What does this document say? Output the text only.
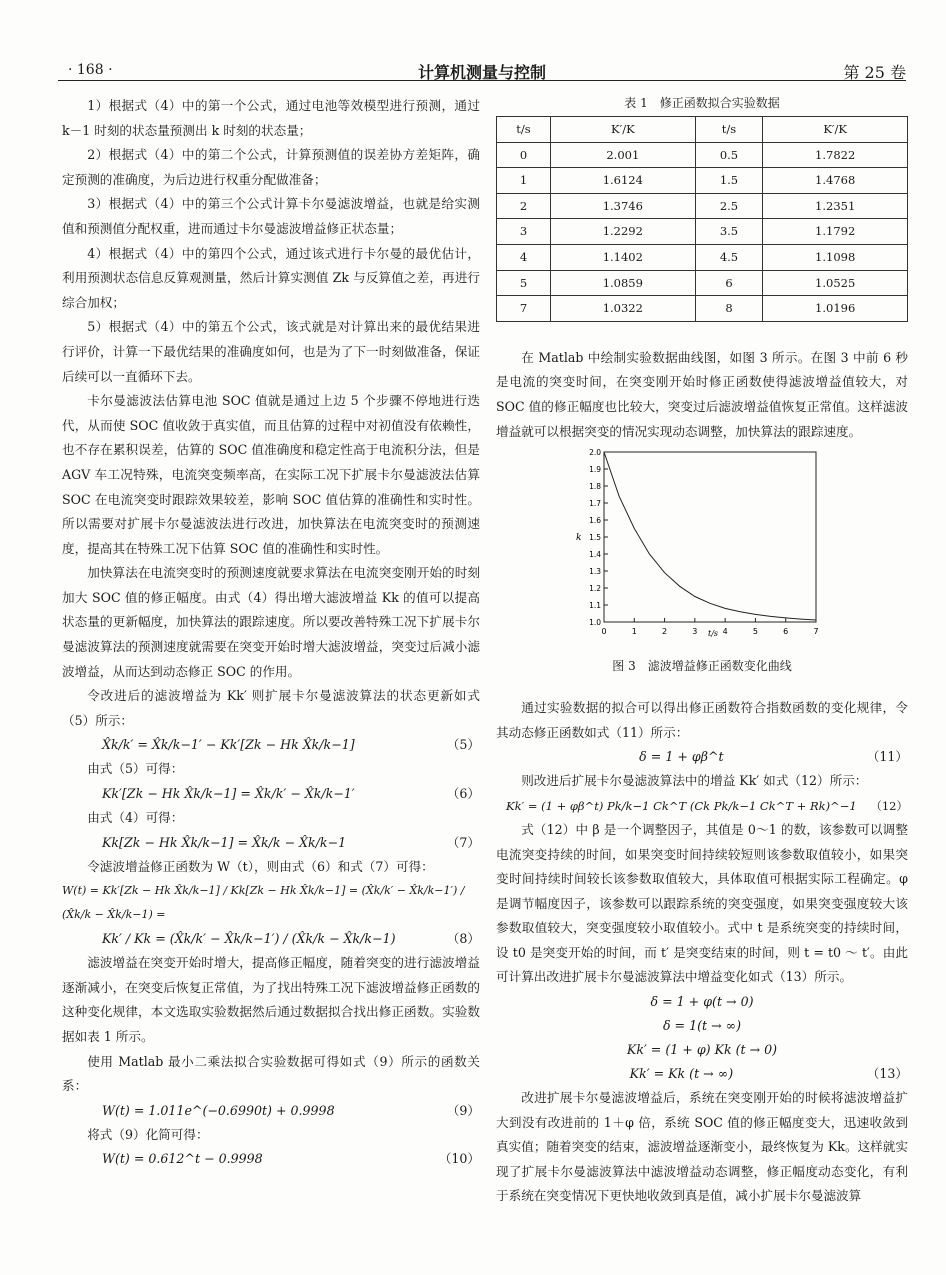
· 168 ·	计算机测量与控制	第 25 卷

1）根据式（4）中的第一个公式，通过电池等效模型进行预测，通过 k－1 时刻的状态量预测出 k 时刻的状态量；

2）根据式（4）中的第二个公式，计算预测值的误差协方差矩阵，确定预测的准确度，为后边进行权重分配做准备；

3）根据式（4）中的第三个公式计算卡尔曼滤波增益，也就是给实测值和预测值分配权重，进而通过卡尔曼滤波增益修正状态量；

4）根据式（4）中的第四个公式，通过该式进行卡尔曼的最优估计，利用预测状态信息反算观测量，然后计算实测值 Zk 与反算值之差，再进行综合加权；

5）根据式（4）中的第五个公式，该式就是对计算出来的最优结果进行评价，计算一下最优结果的准确度如何，也是为了下一时刻做准备，保证后续可以一直循环下去。

卡尔曼滤波法估算电池 SOC 值就是通过上边 5 个步骤不停地进行迭代，从而使 SOC 值收敛于真实值，而且估算的过程中对初值没有依赖性，也不存在累积误差，估算的 SOC 值准确度和稳定性高于电流积分法，但是 AGV 车工况特殊，电流突变频率高，在实际工况下扩展卡尔曼滤波法估算 SOC 在电流突变时跟踪效果较差，影响 SOC 值估算的准确性和实时性。所以需要对扩展卡尔曼滤波法进行改进，加快算法在电流突变时的预测速度，提高其在特殊工况下估算 SOC 值的准确性和实时性。

加快算法在电流突变时的预测速度就要求算法在电流突变刚开始的时刻加大 SOC 值的修正幅度。由式（4）得出增大滤波增益 Kk 的值可以提高状态量的更新幅度，加快算法的跟踪速度。所以要改善特殊工况下扩展卡尔曼滤波算法的预测速度就需要在突变开始时增大滤波增益，突变过后减小滤波增益，从而达到动态修正 SOC 的作用。

令改进后的滤波增益为 Kk′ 则扩展卡尔曼滤波算法的状态更新如式（5）所示：

X̂k/k′ = X̂k/k−1′ − Kk′[Zk − Hk X̂k/k−1]	（5）

由式（5）可得：

Kk′[Zk − Hk X̂k/k−1] = X̂k/k′ − X̂k/k−1′	（6）

由式（4）可得：

Kk[Zk − Hk X̂k/k−1] = X̂k/k − X̂k/k−1	（7）

令滤波增益修正函数为 W（t），则由式（6）和式（7）可得：

W(t) = Kk′[Zk − Hk X̂k/k−1] / Kk[Zk − Hk X̂k/k−1] = (X̂k/k′ − X̂k/k−1′) / (X̂k/k − X̂k/k−1) =
Kk′ / Kk = (X̂k/k′ − X̂k/k−1′) / (X̂k/k − X̂k/k−1)	（8）

滤波增益在突变开始时增大，提高修正幅度，随着突变的进行滤波增益逐渐减小，在突变后恢复正常值，为了找出特殊工况下滤波增益修正函数的这种变化规律，本文选取实验数据然后通过数据拟合找出修正函数。实验数据如表 1 所示。

使用 Matlab 最小二乘法拟合实验数据可得如式（9）所示的函数关系：

W(t) = 1.011e^(−0.6990t) + 0.9998	（9）

将式（9）化简可得：

W(t) = 0.612^t − 0.9998	（10）
表 1　修正函数拟合实验数据
t/s	K′/K	t/s	K′/K
0	2.001	0.5	1.7822
1	1.6124	1.5	1.4768
2	1.3746	2.5	1.2351
3	1.2292	3.5	1.1792
4	1.1402	4.5	1.1098
5	1.0859	6	1.0525
7	1.0322	8	1.0196

在 Matlab 中绘制实验数据曲线图，如图 3 所示。在图 3 中前 6 秒是电流的突变时间，在突变刚开始时修正函数使得滤波增益值较大，对 SOC 值的修正幅度也比较大，突变过后滤波增益值恢复正常值。这样滤波增益就可以根据突变的情况实现动态调整，加快算法的跟踪速度。

0	1	2	3	4	5	6	7
1.0
1.1
1.2
1.3
1.4
1.5
1.6
1.7
1.8
1.9
2.0
t/s
k
图 3　滤波增益修正函数变化曲线

通过实验数据的拟合可以得出修正函数符合指数函数的变化规律，令其动态修正函数如式（11）所示：

δ = 1 + φβ^t	（11）

则改进后扩展卡尔曼滤波算法中的增益 Kk′ 如式（12）所示：

Kk′ = (1 + φβ^t) Pk/k−1 Ck^T (Ck Pk/k−1 Ck^T + Rk)^−1 （12）

式（12）中 β 是一个调整因子，其值是 0～1 的数，该参数可以调整电流突变持续的时间，如果突变时间持续较短则该参数取值较小，如果突变时间持续时间较长该参数取值较大，具体取值可根据实际工程确定。φ 是调节幅度因子，该参数可以跟踪系统的突变强度，如果突变强度较大该参数取值较大，突变强度较小取值较小。式中 t 是系统突变的持续时间，设 t0 是突变开始的时间，而 t′ 是突变结束的时间，则 t = t0 ～ t′。由此可计算出改进扩展卡尔曼滤波算法中增益变化如式（13）所示。

δ = 1 + φ(t → 0)
δ = 1(t → ∞)
Kk′ = (1 + φ) Kk (t → 0)
Kk′ = Kk (t → ∞)	（13）

改进扩展卡尔曼滤波增益后，系统在突变刚开始的时候将滤波增益扩大到没有改进前的 1＋φ 倍，系统 SOC 值的修正幅度变大，迅速收敛到真实值；随着突变的结束，滤波增益逐渐变小，最终恢复为 Kk。这样就实现了扩展卡尔曼滤波算法中滤波增益动态调整，修正幅度动态变化，有利于系统在突变情况下更快地收敛到真是值，减小扩展卡尔曼滤波算
